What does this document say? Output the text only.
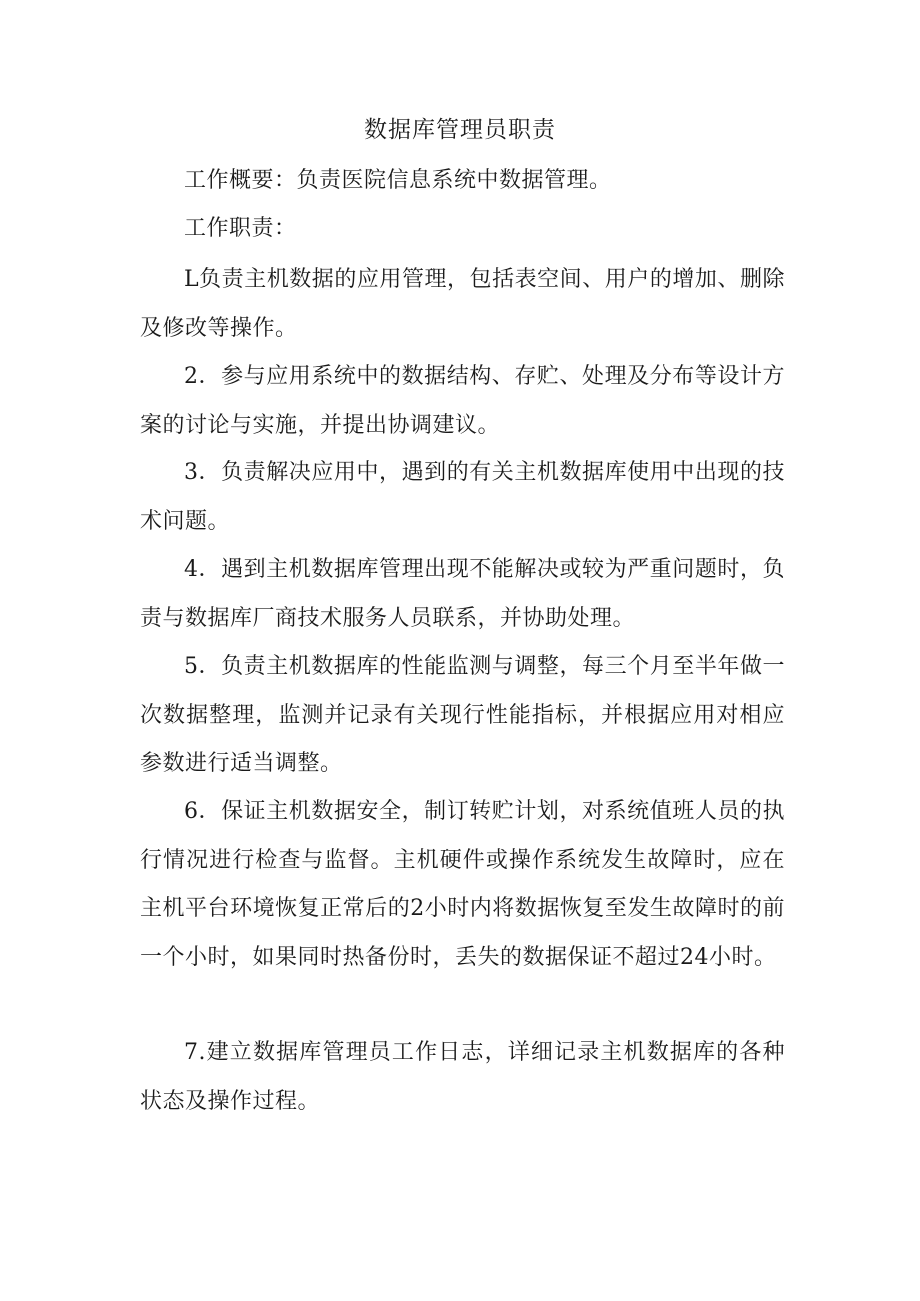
数据库管理员职责

工作概要：负责医院信息系统中数据管理。

工作职责：

L负责主机数据的应用管理，包括表空间、用户的增加、删除及修改等操作。

2．参与应用系统中的数据结构、存贮、处理及分布等设计方案的讨论与实施，并提出协调建议。

3．负责解决应用中，遇到的有关主机数据库使用中出现的技术问题。

4．遇到主机数据库管理出现不能解决或较为严重问题时，负责与数据库厂商技术服务人员联系，并协助处理。

5．负责主机数据库的性能监测与调整，每三个月至半年做一次数据整理，监测并记录有关现行性能指标，并根据应用对相应参数进行适当调整。

6．保证主机数据安全，制订转贮计划，对系统值班人员的执行情况进行检查与监督。主机硬件或操作系统发生故障时，应在主机平台环境恢复正常后的2小时内将数据恢复至发生故障时的前一个小时，如果同时热备份时，丢失的数据保证不超过24小时。

7.建立数据库管理员工作日志，详细记录主机数据库的各种状态及操作过程。
